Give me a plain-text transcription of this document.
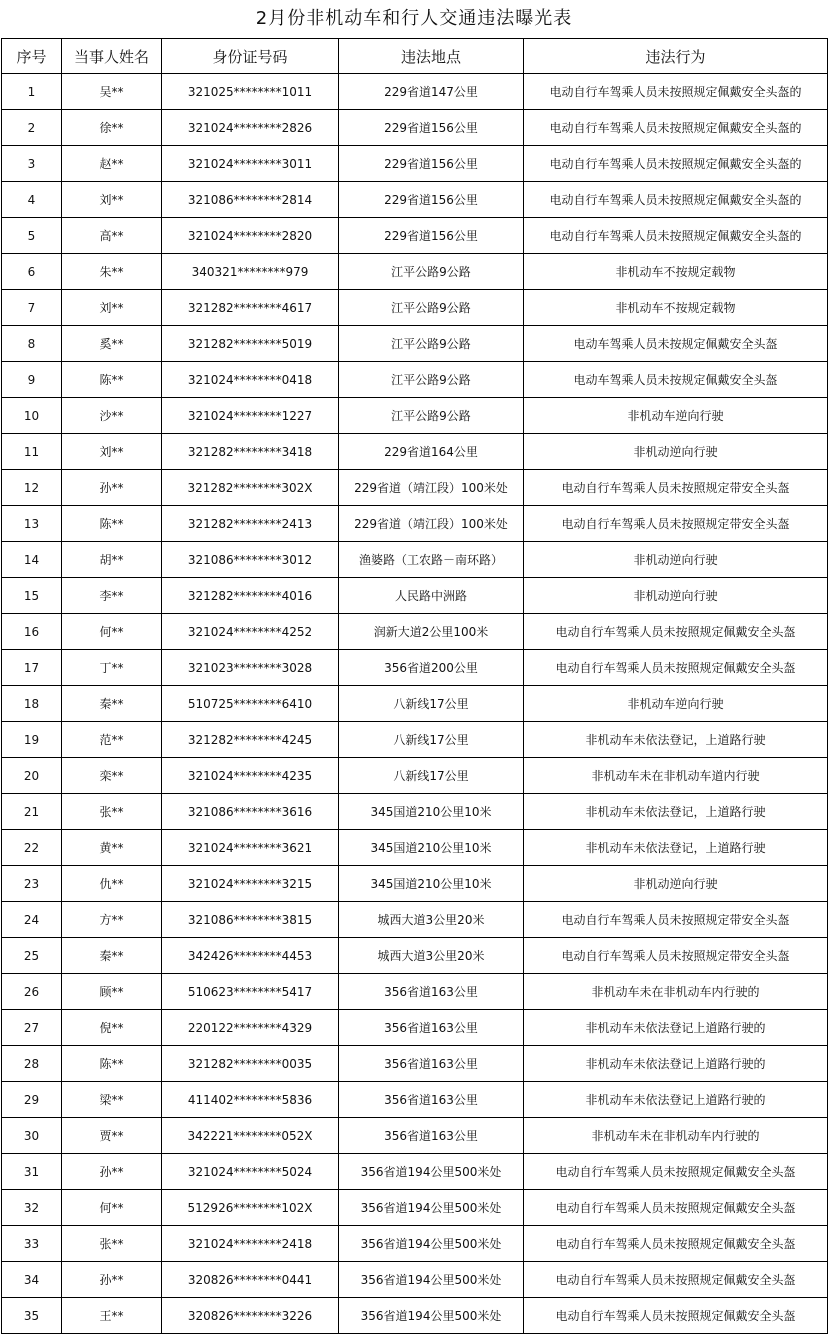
2月份非机动车和行人交通违法曝光表
序号	当事人姓名	身份证号码	违法地点	违法行为
1	吴**	321025********1011	229省道147公里	电动自行车驾乘人员未按照规定佩戴安全头盔的
2	徐**	321024********2826	229省道156公里	电动自行车驾乘人员未按照规定佩戴安全头盔的
3	赵**	321024********3011	229省道156公里	电动自行车驾乘人员未按照规定佩戴安全头盔的
4	刘**	321086********2814	229省道156公里	电动自行车驾乘人员未按照规定佩戴安全头盔的
5	高**	321024********2820	229省道156公里	电动自行车驾乘人员未按照规定佩戴安全头盔的
6	朱**	340321********979	江平公路9公路	非机动车不按规定载物
7	刘**	321282********4617	江平公路9公路	非机动车不按规定载物
8	奚**	321282********5019	江平公路9公路	电动车驾乘人员未按规定佩戴安全头盔
9	陈**	321024********0418	江平公路9公路	电动车驾乘人员未按规定佩戴安全头盔
10	沙**	321024********1227	江平公路9公路	非机动车逆向行驶
11	刘**	321282********3418	229省道164公里	非机动逆向行驶
12	孙**	321282********302X	229省道（靖江段）100米处	电动自行车驾乘人员未按照规定带安全头盔
13	陈**	321282********2413	229省道（靖江段）100米处	电动自行车驾乘人员未按照规定带安全头盔
14	胡**	321086********3012	渔婆路（工农路－南环路）	非机动逆向行驶
15	李**	321282********4016	人民路中洲路	非机动逆向行驶
16	何**	321024********4252	润新大道2公里100米	电动自行车驾乘人员未按照规定佩戴安全头盔
17	丁**	321023********3028	356省道200公里	电动自行车驾乘人员未按照规定佩戴安全头盔
18	秦**	510725********6410	八新线17公里	非机动车逆向行驶
19	范**	321282********4245	八新线17公里	非机动车未依法登记，上道路行驶
20	栾**	321024********4235	八新线17公里	非机动车未在非机动车道内行驶
21	张**	321086********3616	345国道210公里10米	非机动车未依法登记，上道路行驶
22	黄**	321024********3621	345国道210公里10米	非机动车未依法登记，上道路行驶
23	仇**	321024********3215	345国道210公里10米	非机动逆向行驶
24	方**	321086********3815	城西大道3公里20米	电动自行车驾乘人员未按照规定带安全头盔
25	秦**	342426********4453	城西大道3公里20米	电动自行车驾乘人员未按照规定带安全头盔
26	顾**	510623********5417	356省道163公里	非机动车未在非机动车内行驶的
27	倪**	220122********4329	356省道163公里	非机动车未依法登记上道路行驶的
28	陈**	321282********0035	356省道163公里	非机动车未依法登记上道路行驶的
29	梁**	411402********5836	356省道163公里	非机动车未依法登记上道路行驶的
30	贾**	342221********052X	356省道163公里	非机动车未在非机动车内行驶的
31	孙**	321024********5024	356省道194公里500米处	电动自行车驾乘人员未按照规定佩戴安全头盔
32	何**	512926********102X	356省道194公里500米处	电动自行车驾乘人员未按照规定佩戴安全头盔
33	张**	321024********2418	356省道194公里500米处	电动自行车驾乘人员未按照规定佩戴安全头盔
34	孙**	320826********0441	356省道194公里500米处	电动自行车驾乘人员未按照规定佩戴安全头盔
35	王**	320826********3226	356省道194公里500米处	电动自行车驾乘人员未按照规定佩戴安全头盔
